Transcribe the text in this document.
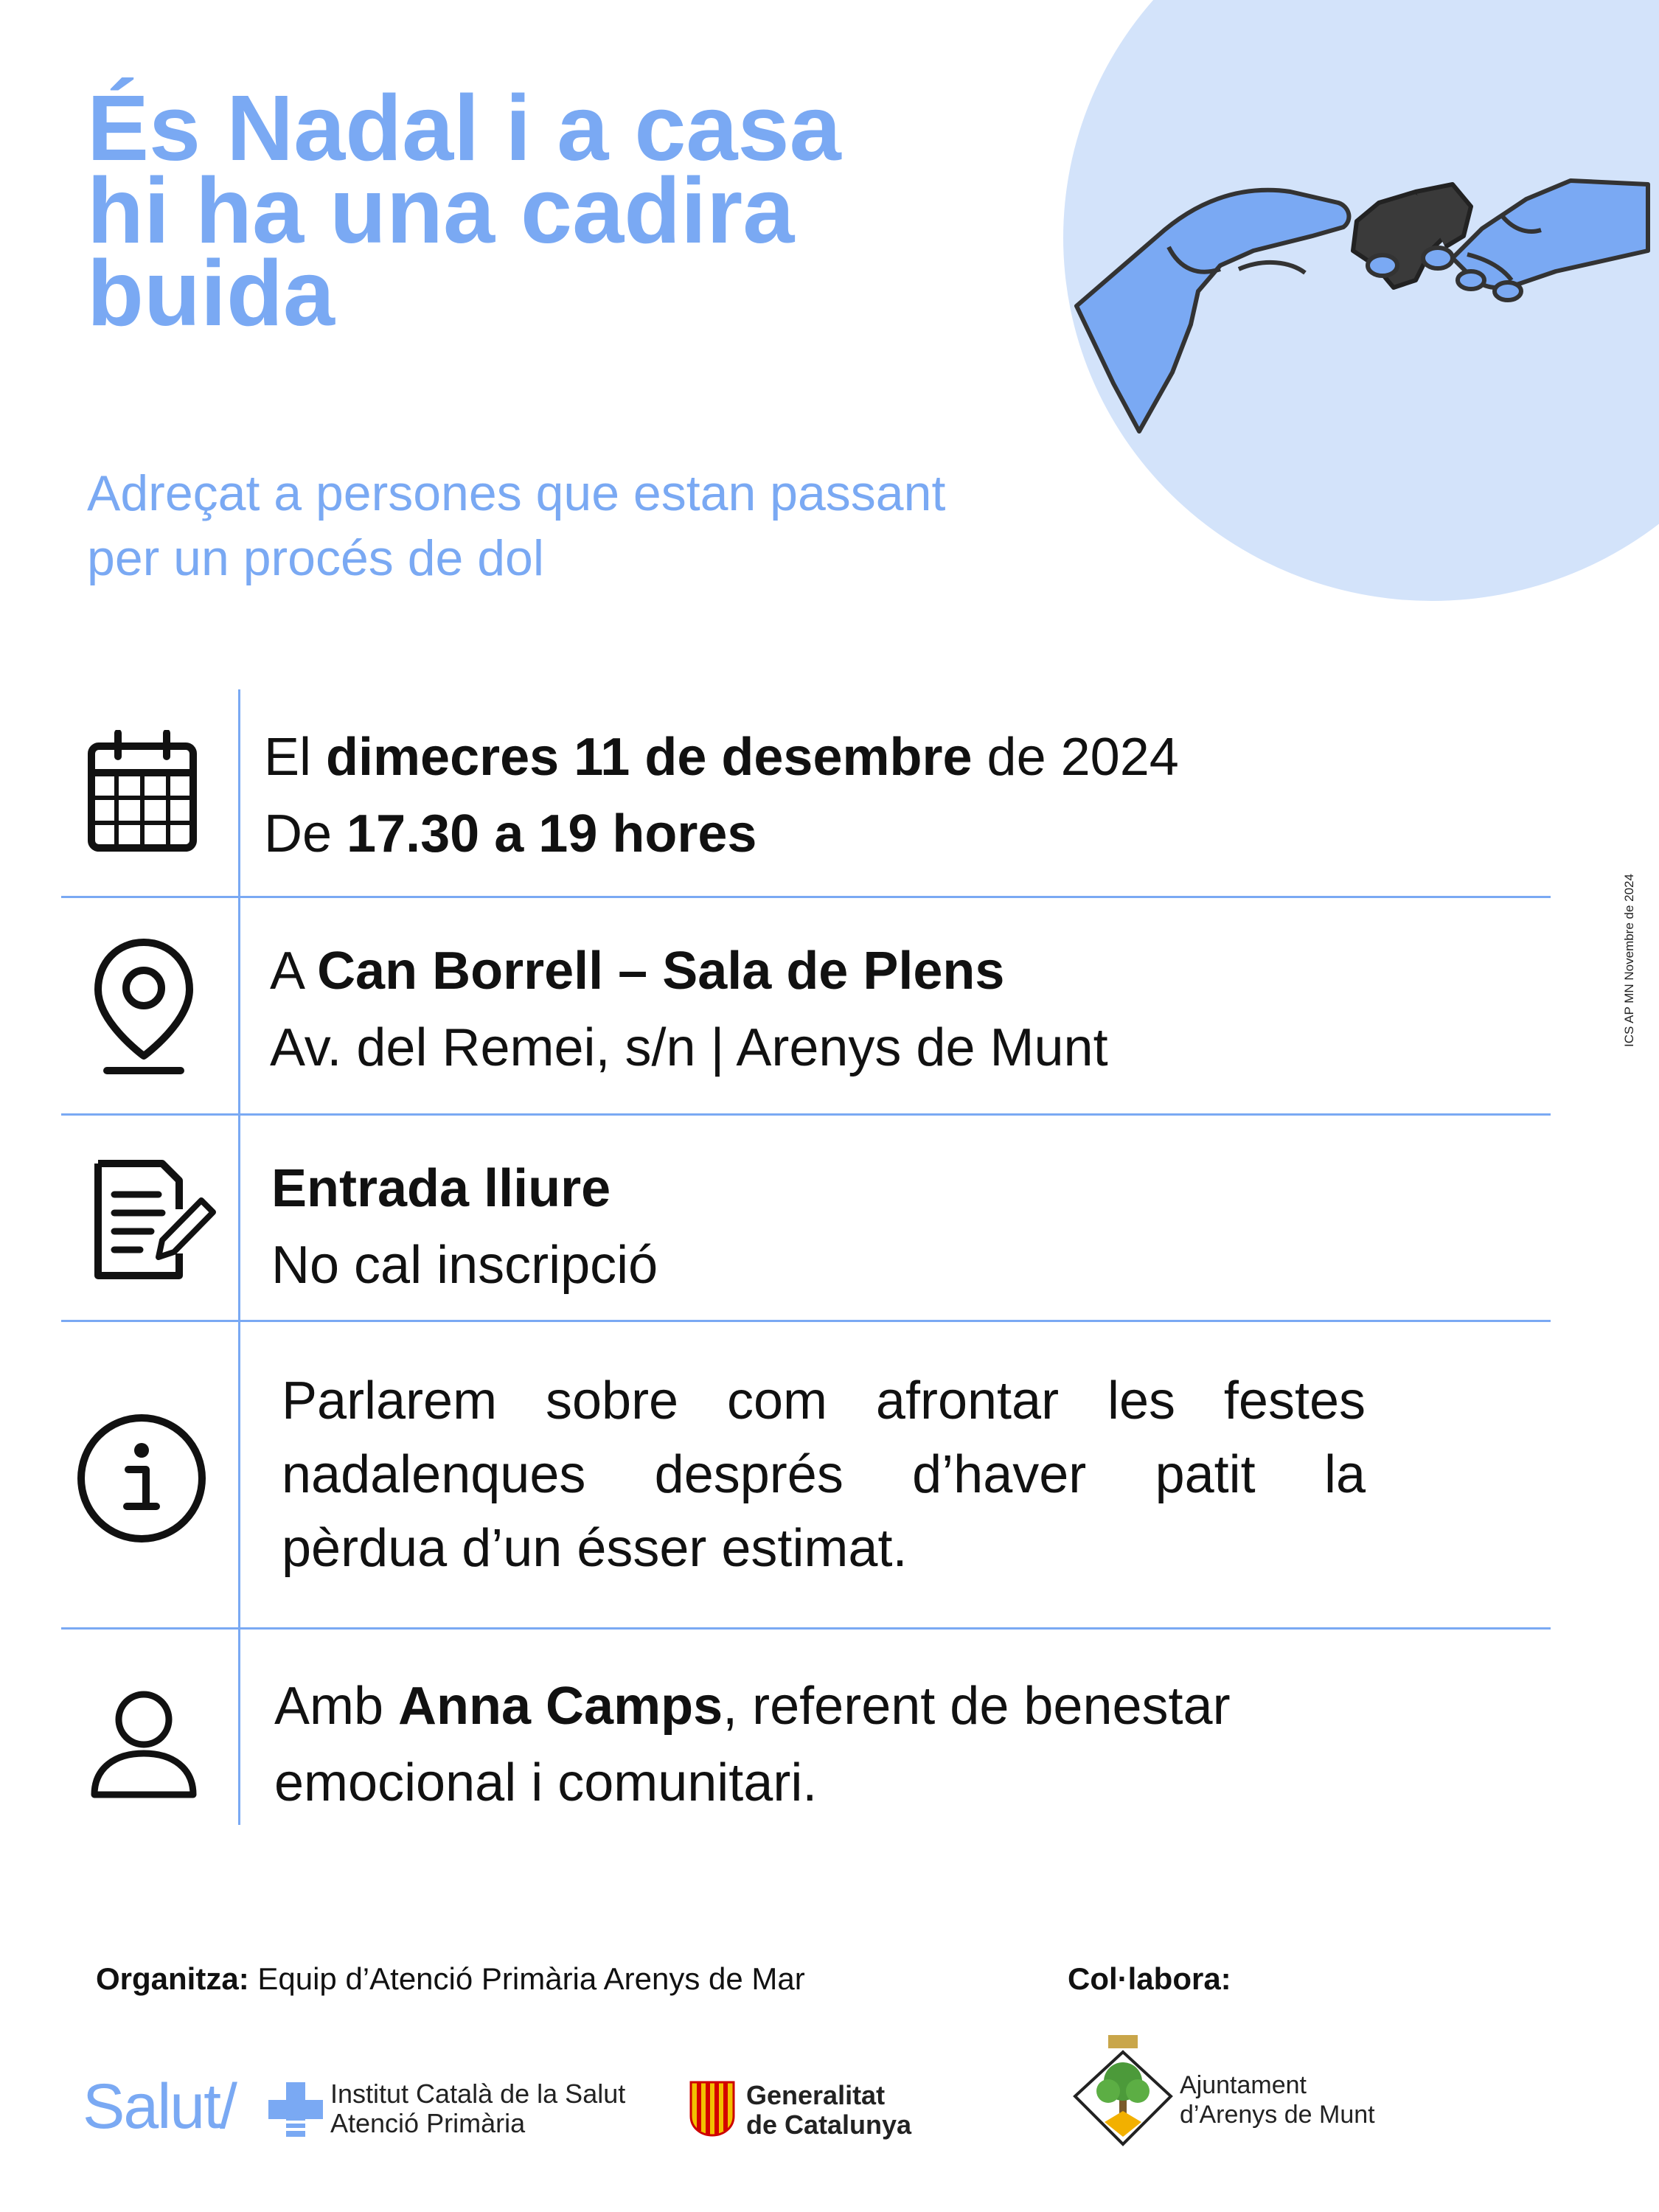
És Nadal i a casa
hi ha una cadira
buida
Adreçat a persones que estan passant
per un procés de dol
El dimecres 11 de desembre de 2024
De 17.30 a 19 hores
A Can Borrell – Sala de Plens
Av. del Remei, s/n | Arenys de Munt
Entrada lliure
No cal inscripció

Parlarem sobre com afrontar les festes

nadalenques després d’haver patit la

pèrdua d’un ésser estimat.

Amb Anna Camps, referent de benestar
emocional i comunitari.
ICS AP MN Novembre de 2024
Organitza: Equip d’Atenció Primària Arenys de Mar	Col·labora:
Salut/	Institut Català de la Salut
Atenció Primària
Generalitat
de Catalunya
Ajuntament
d’Arenys de Munt
